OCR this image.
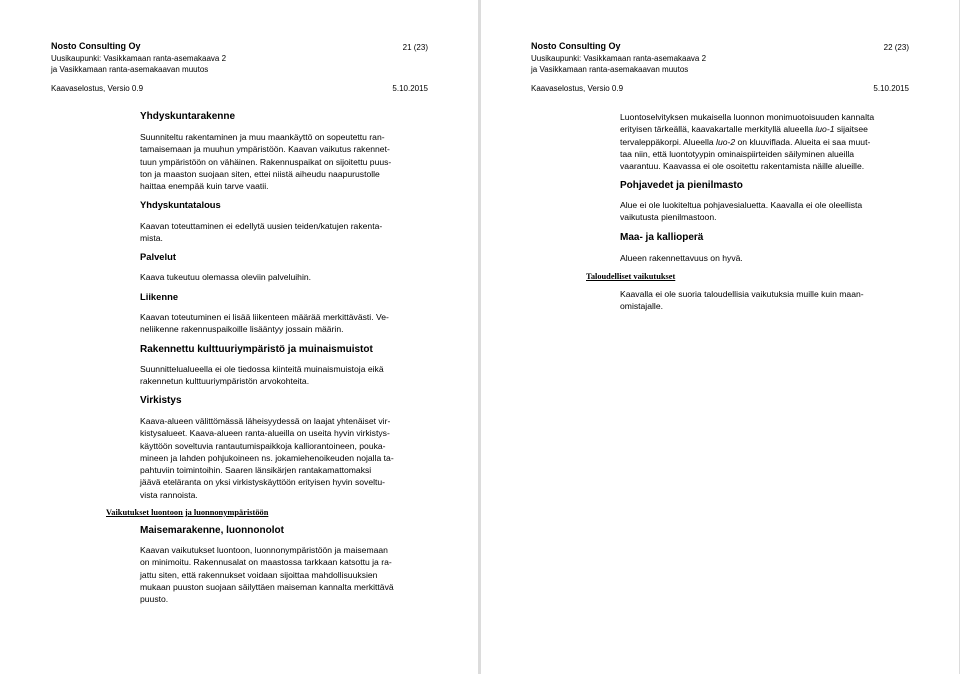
Nosto Consulting Oy	21 (23)
Uusikaupunki: Vasikkamaan ranta-asemakaava 2
ja Vasikkamaan ranta-asemakaavan muutos
Kaavaselostus, Versio 0.9	5.10.2015
Yhdyskuntarakenne

Suunniteltu rakentaminen ja muu maankäyttö on sopeutettu ran-

tamaisemaan ja muuhun ympäristöön. Kaavan vaikutus rakennet-

tuun ympäristöön on vähäinen. Rakennuspaikat on sijoitettu puus-

ton ja maaston suojaan siten, ettei niistä aiheudu naapurustolle

haittaa enempää kuin tarve vaatii.

Yhdyskuntatalous

Kaavan toteuttaminen ei edellytä uusien teiden/katujen rakenta-

mista.

Palvelut
Kaava tukeutuu olemassa oleviin palveluihin.
Liikenne

Kaavan toteutuminen ei lisää liikenteen määrää merkittävästi. Ve-

neliikenne rakennuspaikoille lisääntyy jossain määrin.

Rakennettu kulttuuriympäristö ja muinaismuistot

Suunnittelualueella ei ole tiedossa kiinteitä muinaismuistoja eikä

rakennetun kulttuuriympäristön arvokohteita.

Virkistys

Kaava-alueen välittömässä läheisyydessä on laajat yhtenäiset vir-

kistysalueet. Kaava-alueen ranta-alueilla on useita hyvin virkistys-

käyttöön soveltuvia rantautumispaikkoja kalliorantoineen, pouka-

mineen ja lahden pohjukoineen ns. jokamiehenoikeuden nojalla ta-

pahtuviin toimintoihin. Saaren länsikärjen rantakamattomaksi

jäävä eteläranta on yksi virkistyskäyttöön erityisen hyvin soveltu-

vista rannoista.

Vaikutukset luontoon ja luonnonympäristöön
Maisemarakenne, luonnonolot

Kaavan vaikutukset luontoon, luonnonympäristöön ja maisemaan

on minimoitu. Rakennusalat on maastossa tarkkaan katsottu ja ra-

jattu siten, että rakennukset voidaan sijoittaa mahdollisuuksien

mukaan puuston suojaan säilyttäen maiseman kannalta merkittävä

puusto.

Nosto Consulting Oy	22 (23)
Uusikaupunki: Vasikkamaan ranta-asemakaava 2
ja Vasikkamaan ranta-asemakaavan muutos
Kaavaselostus, Versio 0.9	5.10.2015

Luontoselvityksen mukaisella luonnon monimuotoisuuden kannalta

erityisen tärkeällä, kaavakartalle merkityllä alueella luo-1 sijaitsee

tervaleppäkorpi. Alueella luo-2 on kluuviflada. Alueita ei saa muut-

taa niin, että luontotyypin ominaispiirteiden säilyminen alueilla

vaarantuu. Kaavassa ei ole osoitettu rakentamista näille alueille.

Pohjavedet ja pienilmasto

Alue ei ole luokiteltua pohjavesialuetta. Kaavalla ei ole oleellista

vaikutusta pienilmastoon.

Maa- ja kallioperä
Alueen rakennettavuus on hyvä.
Taloudelliset vaikutukset

Kaavalla ei ole suoria taloudellisia vaikutuksia muille kuin maan-

omistajalle.
